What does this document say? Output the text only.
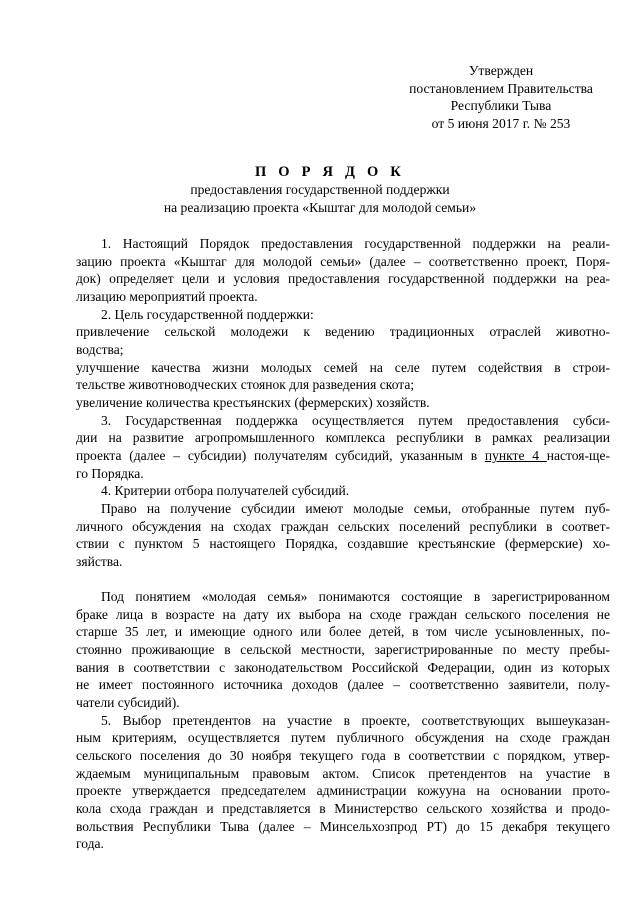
Утвержден
постановлением Правительства
Республики Тыва
от 5 июня 2017 г. № 253
П О Р Я Д О К
предоставления государственной поддержки
на реализацию проекта «Кыштаг для молодой семьи»

1. Настоящий Порядок предоставления государственной поддержки на реали-

зацию проекта «Кыштаг для молодой семьи» (далее – соответственно проект, Поря-

док) определяет цели и условия предоставления государственной поддержки на реа-

лизацию мероприятий проекта.

2. Цель государственной поддержки:

привлечение сельской молодежи к ведению традиционных отраслей животно-

водства;

улучшение качества жизни молодых семей на селе путем содействия в строи-

тельстве животноводческих стоянок для разведения скота;

увеличение количества крестьянских (фермерских) хозяйств.

3. Государственная поддержка осуществляется путем предоставления субси-

дии на развитие агропромышленного комплекса республики в рамках реализации

проекта (далее – субсидии) получателям субсидий, указанным в пункте 4 настоя-ще-

го Порядка.

4. Критерии отбора получателей субсидий.

Право на получение субсидии имеют молодые семьи, отобранные путем пуб-

личного обсуждения на сходах граждан сельских поселений республики в соответ-

ствии с пунктом 5 настоящего Порядка, создавшие крестьянские (фермерские) хо-

зяйства.

Под понятием «молодая семья» понимаются состоящие в зарегистрированном

браке лица в возрасте на дату их выбора на сходе граждан сельского поселения не

старше 35 лет, и имеющие одного или более детей, в том числе усыновленных, по-

стоянно проживающие в сельской местности, зарегистрированные по месту пребы-

вания в соответствии с законодательством Российской Федерации, один из которых

не имеет постоянного источника доходов (далее – соответственно заявители, полу-

чатели субсидий).

5. Выбор претендентов на участие в проекте, соответствующих вышеуказан-

ным критериям, осуществляется путем публичного обсуждения на сходе граждан

сельского поселения до 30 ноября текущего года в соответствии с порядком, утвер-

ждаемым муниципальным правовым актом. Список претендентов на участие в

проекте утверждается председателем администрации кожууна на основании прото-

кола схода граждан и представляется в Министерство сельского хозяйства и продо-

вольствия Республики Тыва (далее – Минсельхозпрод РТ) до 15 декабря текущего

года.
